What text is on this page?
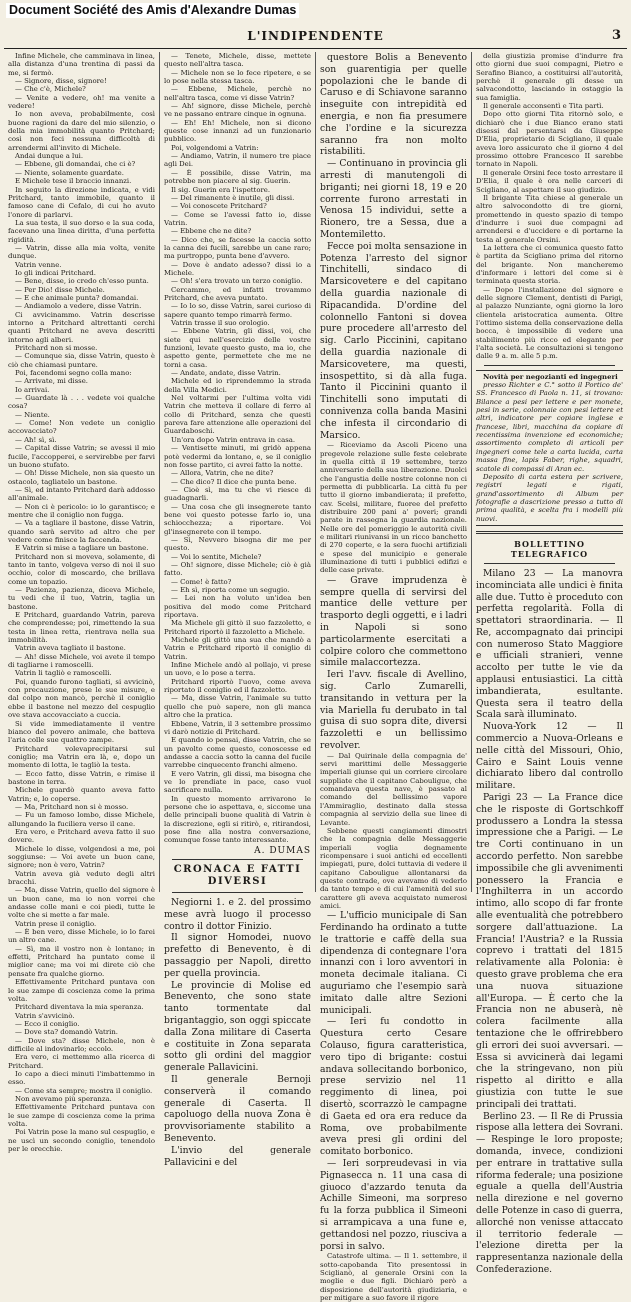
Document Société des Amis d'Alexandre Dumas
L'INDIPENDENTE	3

Infine Michele, che camminava in linea, alla distanza d'una trentina di passi da me, si fermò.

— Signore, disse, signore!

— Che c'è, Michele?

— Venite a vedere, oh! ma venite a vedere!

Io non aveva, probabilmente, così buone ragioni da dare del mio silenzio, o della mia immobilità quanto Pritchard; così non feci nessuna difficoltà di arrendermi all'invito di Michele.

Andai dunque a lui.

— Ebbene, gli domandai, che ci è?

— Niente, solamente guardate.

E Michele tese il braccio innanzi.

In seguito la direzione indicata, e vidi Pritchard, tanto immobile, quanto il famoso cane di Cefalo, di cui ho avuto l'onore di parlarvi.

La sua testa, il suo dorso e la sua coda, facevano una linea diritta, d'una perfetta rigidità.

— Vatrin, disse alla mia volta, venite dunque.

Vatrin venne.

Io gli indicai Pritchard.

— Bene, disse, io credo ch'esso punta.

— Per Dio! disse Michele.

— E che animale punta? domandai.

— Andiamolo a vedere, disse Vatrin.

Ci avvicinammo. Vatrin descrisse intorno a Pritchard altrettanti cerchi quanti Pritchard ne aveva descritti intorno agli alberi.

Pritchard non si mosse.

— Comunque sia, disse Vatrin, questo è ciò che chiamasi puntare.

Poi, facendomi segno colla mano:

— Arrivate, mi disse.

Io arrivai.

— Guardate là . . . vedete voi qualche cosa?

— Niente.

— Come! Non vedete un coniglio accovacciato?

— Ah! sì, sì.

— Capital disse Vatrin; se avessi il mio fucile, l'accopperei, e servirebbe per farvi un buono stufato.

— Oh! Disse Michele, non sia questo un ostacolo, tagliatelo un bastone.

— Sì, ed intanto Pritchard darà addosso all'animale.

— Non ci è pericolo: io lo garantisco; e mentre che il coniglio non fugga.

— Va a tagliare il bastone, disse Vatrin, quando sarà servito ad altro che per vedere come finisce la faccenda.

E Vatrin si mise a tagliare un bastone.

Pritchard non si moveva, solamente, di tanto in tanto, volgeva verso di noi il suo occhio, color di moscardo, che brillava come un topazio.

— Pazienza, pazienza, diceva Michele, tu vedi che il tuo, Vatrin, taglia un bastone.

E Pritchard, guardando Vatrin, pareva che comprendesse; poi, rimettendo la sua testa in linea retta, rientrava nella sua immobilità.

Vatrin aveva tagliato il bastone.

— Ah! disse Michele, voi avete il tempo di tagliarne i ramoscelli.

Vatrin li tagliò e ramoscelli.

Poi, quando furono tagliati, si avvicinò, con precauzione, prese le sue misure, e dal colpo non mancò, perchè il coniglio ebbe il bastone nel mezzo del cespuglio ove stava accovacciato a cuccia.

Si vide immediatamente il ventre bianco del povero animale, che batteva l'aria colle sue quattro zampe.

Pritchard volevaprecipitarsi sul coniglio; ma Vatrin era là, e, dopo un momento di lotta, le tagliò la testa.

— Ecco fatto, disse Vatrin, e rimise il bastone in terra.

Michele guardò quanto aveva fatto Vatrin; e, lo coperse.

— Ma, Pritchard non si è mosso.

— Fu un famoso lombo, disse Michele, allungando la fuciliera verso il cane.

Era vero, e Pritchard aveva fatto il suo dovere.

Michele lo disse, volgendosi a me, poi soggiunse: — Voi avete un buon cane, signore; non è vero, Vatrin?

Vatrin aveva già veduto degli altri bracchi.

— Ma, disse Vatrin, quello del signore è un buon cane, ma io non vorrei che andasse colle mani e coi piedi, tutte le volte che si mette a far male.

Vatrin prese il coniglio.

— È ben vero, disse Michele, io lo farei un altro cane.

— Sì, ma il vostro non è lontano; in effetti, Pritchard ha puntato come il miglior cane; ma voi mi direte ciò che pensate fra qualche giorno.

Effettivamente Pritchard puntava con le sue zampe di coscienza come la prima volta.

Pritchard diventava la mia speranza.

Vatrin s'avvicinò.

— Ecco il coniglio.

— Dove sta? domandò Vatrin.

— Dove sta? disse Michele, non è difficile al indovinarlo; eccolo.

Era vero, ci mettemmo alla ricerca di Pritchard.

Io capo a dieci minuti l'imbattemmo in esso.

— Come sta sempre; mostra il coniglio.

Non avevamo più speranza.

Effettivamente Pritchard puntava con le sue zampe di coscienza come la prima volta.

Poi Vatrin pose la mano sul cespuglio, e ne uscì un secondo coniglio, tenendolo per le orecchie.

— Tenete, Michele, disse, mettete questo nell'altra tasca.

— Michele non se lo fece ripetere, e se lo pose nella stessa tasca.

— Ebbene, Michele, perchè no nell'altra tasca, come vi disse Vatrin?

— Ah! signore, disse Michele, perchè ve ne passano entrare cinque in ognuna.

— Eh! Eh! Michele, non si dicono queste cose innanzi ad un funzionario pubblico.

Poi, volgendomi a Vatrin:

— Andiamo, Vatrin, il numero tre piace agli Dei.

— È possibile, disse Vatrin, ma potrebbe non piacere al sig. Guerin.

Il sig. Guerin era l'ispettore.

— Del rimanente è inutile, gli dissi.

— Voi conoscete Pritchard?

— Come se l'avessi fatto io, disse Vatrin.

— Ebbene che ne dite?

— Dico che, se facesse la caccia sotto la canna dei fucili, sarebbe un cane raro; ma purtroppo, punta bene d'avvero.

— Dove è andato adesso? dissi io a Michele.

— Oh! s'era trovato un terzo coniglio.

Cercammo, ed infatti trovammo Pritchard, che aveva puntato.

— Io lo so, disse Vatrin, sarei curioso di sapere quanto tempo rimarrà fermo.

Vatrin trasse il suo orologio.

— Ebbene Vatrin, gli dissi, voi, che siete qui nell'esercizio delle vostre funzioni, levate questo gusto, ma io, che aspetto gente, permettete che me ne torni a casa.

— Andate, andate, disse Vatrin.

Michele ed io riprendemmo la strada della Villa Medici.

Nel voltarmi per l'ultima volta vidi Vatrin che metteva il collare di ferro al collo di Pritchard, senza che questi pareva fare attenzione alle operazioni del Guardaboschi.

Un'ora dopo Vatrin entrava in casa.

— Ventisette minuti, mi gridò appena potè vedermi da lontano, e, se il coniglio non fosse partito, ci avrei fatto la notte.

— Allora, Vatrin, che ne dite?

— Che dico? Il dice che punta bene.

— Cioè sì, ma tu che vi riesce di guadagnarli.

— Una cosa che gli insegnerete tanto bene voi questo potesse farlo io, una schiocchezza; a riportare. Voi gl'insegnerete con il tempo.

— Sì, Nevvero bisogna dir me per questo.

— Voi lo sentite, Michele?

— Oh! signore, disse Michele; ciò è già fatto.

— Come! è fatto?

— Eh sì, riporta come un segugio.

— Lei non ha voluto un'idea ben positiva del modo come Pritchard riportava.

Ma Michele gli gittò il suo fazzoletto, e Pritchard riportò il fazzoletto a Michele.

Michele gli gittò una sua che mandò a Vatrin e Pritchard riportò il coniglio di Vatrin.

Infine Michele andò al pollajo, vi prese un uovo, e lo pose a terra.

Pritchard riportò l'uovo, come aveva riportato il coniglio ed il fazzoletto.

— Ma, disse Vatrin, l'animale su tutto quello che può sapere, non gli manca altro che la pratica.

Ebbene, Vatrin, il 3 settembre prossimo vi darò notizie di Pritchard.

E quando io pensai, disse Vatrin, che se un pavolto come questo, conoscesse ed andasse a caccia sotto la canna del fucile varrebbe cinquecento franchi almeno.

E vero Vatrin, gli dissi, ma bisogna che ve lo prendiate in pace, caso vuol sacrificare nulla.

In questo momento arrivarono le persone che io aspettava, e, siccome una delle principali buone qualità di Vatrin è la discrezione, egli si ritirò, e, ritirandosi, pose fine alla nostra conversazione, comunque fosse tanto interessante.

A. DUMAS
CRONACA E FATTI DIVERSI

Negiorni 1. e 2. del prossimo mese avrà luogo il processo contro il dottor Finizio.

Il signor Homodei, nuovo prefetto di Benevento, è di passaggio per Napoli, diretto per quella provincia.

Le provincie di Molise ed Benevento, che sono state tanto tormentate dal brigantaggio, son oggi spiccate dalla Zona militare di Caserta e costituite in Zona separata sotto gli ordini del maggior generale Pallavicini.

Il generale Bernoji conserverà il comando generale di Caserta. Il capoluogo della nuova Zona è provvisoriamente stabilito a Benevento.

L'invio del generale Pallavicini e del

questore Bolis a Benevento son guarentigia per quelle popolazioni che le bande di Caruso e di Schiavone saranno inseguite con intrepidità ed energia, e non fia presumere che l'ordine e la sicurezza saranno fra non molto ristabiliti.

— Continuano in provincia gli arresti di manutengoli di briganti; nei giorni 18, 19 e 20 corrente furono arrestati in Venosa 15 individui, sette a Rionero, tre a Sessa, due a Montemiletto.

Fecce poi molta sensazione in Potenza l'arresto del signor Tinchitelli, sindaco di Marsicovetere e del capitano della guardia nazionale di Ripacandida. D'ordine del colonnello Fantoni si dovea pure procedere all'arresto del sig. Carlo Piccinini, capitano della guardia nazionale di Marsicovetere, ma questi, insospettito, si dà alla fuga. Tanto il Piccinini quanto il Tinchitelli sono imputati di connivenza colla banda Masini che infesta il circondario di Marsico.

— Riceviamo da Ascoli Piceno una pregevole relazione sulle feste celebrate in quella città il 19 settembre, terzo anniversario della sua liberazione. Duolci che l'angustia delle nostre colonne non ci permetta di pubblicarla. La città fu per tutto il giorno imbandierata; il prefetto, cav. Scelsi, militare, fuoree del prefetto distribuire 200 pani a' poveri; grandi parate in rassegna la guardia nazionale. Nelle ore del pomeriggio le autorità civili e militari riunivansi in un ricco banchetto di 270 coperte, e la sera fuochi artifiziali e spese del municipio e generale illuminazione di tutti i pubblici edifizi e delle case private.

— Grave imprudenza è sempre quella di servirsi del mantice delle vetture per trasporto degli oggetti, e i ladri in Napoli si sono particolarmente esercitati a colpire coloro che commettono simile malaccortezza.

Ieri l'avv. fiscale di Avellino, sig. Carlo Zumarelli, transitando in vettura per la via Mariella fu derubato in tal guisa di suo sopra dite, diversi fazzoletti e un bellissimo revolver.

— Dal Quirinale della compagnia de' servi marittimi delle Messaggerie imperiali giunse qui un corriere circolare suppliate che il capitano Cabouligue, che comandava questa nave, è passato al comando del bellissimo vapore l'Ammiraglio, destinato dalla stessa compagnia al servizio della sue linee di Levante.

Sebbene questi cangiamenti dimostri che la compagnia delle Messaggerie imperiali voglia degnamente ricompensare i suoi antichi ed eccellenti impiegati, pure, dolci tuttavia di vedere il capitano Cabouligue allontanarsi da queste contrade, ove avevamo di vederlo da tanto tempo e di cui l'amenità del suo carattere gli aveva acquistato numerosi amici.

— L'ufficio municipale di San Ferdinando ha ordinato a tutte le trattorie e caffè della sua dipendenza di contegnare l'ora innanzi con i loro avventori in moneta decimale italiana. Ci auguriamo che l'esempio sarà imitato dalle altre Sezioni municipali.

— Ieri fu condotto in Questura certo Cesare Colauso, figura caratteristica, vero tipo di brigante: costui andava sollecitando borbonico, prese servizio nel 11 reggimento di linea, poi disertò, scorrazzò le campagne di Gaeta ed ora era reduce da Roma, ove probabilmente aveva presi gli ordini del comitato borbonico.

— Ieri sorpreudevasi in via Pignasecca n. 11 una casa di giuoco d'azzardo tenuta da Achille Simeoni, ma sorpreso fu la forza pubblica il Simeoni si arrampicava a una fune e, gettandosi nel pozzo, riusciva a porsi in salvo.

Catastrofe ultima. — Il 1. settembre, il sotto-capobanda Tito presentossi in Sciglianò, al generale Orsini con la moglie e due figli. Dichiarò però a disposizione dell'autorità giudiziaria, e per mitigare a suo favore il rigore

della giustizia promise d'indurre fra otto giorni due suoi compagni, Pietro e Serafino Bianco, a costituirsi all'autorità, perchè il generale gli desse un salvacondotto, lasciando in ostaggio la sua famiglia.

Il generale acconsentì e Tita partì.

Dopo otto giorni Tita ritornò solo, e dichiarò che i due Bianco erano stati disessi dal persentarsi da Giuseppe D'Elia, proprietario di Scigliano, il quale aveva loro assicurato che il giorno 4 del prossimo ottobre Francesco II sarebbe tornato in Napoli.

Il generale Orsini fece tosto arrestare il D'Elia, il quale è ora nelle carceri di Scigliano, al aspettare il suo giudizio.

Il brigante Tita chiese al generale un altro salvocondotto di tre giorni, promettendo in questo spazio di tempo d'indurre i suoi due compagni ad arrendersi e d'uccidere e di portarne la testa al generale Orsini.

La lettera che ci comunica questo fatto è partita da Scigliano prima del ritorno del brigante. Non mancheremo d'informare i lettori del come si è terminata questa storia.

— Dopo l'installazione del signore e delle signore Clement, dentisti di Parigi, al palazzo Nunziante, ogni giorno la loro clientela aristocratica aumenta. Oltre l'ottimo sistema della conservazione della bocca, è impossibile di vedere una stabilimento più ricco ed elegante per l'alta società. Le consultazioni si tengono dalle 9 a. m. alle 5 p.m.

Novità per negozianti ed ingegneri

presso Richter e C.° sotto il Portico de' SS. Francesco di Paola n. 11, si trovano: Bilance a pesi per lettere e per monete, pesi in serie, colonnaie con pesi lettere et altri, indicatore per copiare inglese e francese, libri, macchina da copiare di recentissima invenzione ed economiche; assortimento completo di articoli per ingegneri come tele a carta lucida, carta massa fine, lapis Faber, righe, squadri, scatole di compassi di Aran ec.

Deposito di carta estera per scrivere, registri legati e rigati, grand'assortimento di Album per fotografie a dascrizione presso a tutto di prima qualità, e scelta fra i modelli più nuovi.

BOLLETTINO TELEGRAFICO

Milano 23 — La manovra incominciata alle undici è finita alle due. Tutto è proceduto con perfetta regolarità. Folla di spettatori straordinaria. — Il Re, accompagnato dai principi con numeroso Stato Maggiore e ufficiali stranieri, venne accolto per tutte le vie da applausi entusiastici. La città imbandierata, esultante. Questa sera il teatro della Scala sarà illuminato.

Nuova-York 12 — Il commercio a Nuova-Orleans e nelle città del Missouri, Ohio, Cairo e Saint Louis venne dichiarato libero dal controllo militare.

Parigi 23 — La France dice che le risposte di Gortschkoff produssero a Londra la stessa impressione che a Parigi. — Le tre Corti continuano in un accordo perfetto. Non sarebbe impossibile che gli avvenimenti ponessero la Francia e l'Inghilterra in un accordo intimo, allo scopo di far fronte alle eventualità che potrebbero sorgere dall'attuazione. La Francia! l'Austria? e la Russia coprevo i trattati del 1815 relativamente alla Polonia: è questo grave problema che era una nuova situazione all'Europa. — È certo che la Francia non ne abuserà, nè colera facilmente alla tentazione che le offrirebbero gli errori dei suoi avversari. — Essa si avvicinerà dai legami che la stringevano, non più rispetto al diritto e alla giustizia con tutte le sue principali dei trattati.

Berlino 23. — Il Re di Prussia rispose alla lettera dei Sovrani. — Respinge le loro proposte; domanda, invece, condizioni per entrare in trattative sulla riforma federale; una posizione eguale a quella dell'Austria nella direzione e nel governo delle Potenze in caso di guerra, allorché non venisse attaccato il territorio federale — l'elezione diretta per la rappresentanza nazionale della Confederazione.
